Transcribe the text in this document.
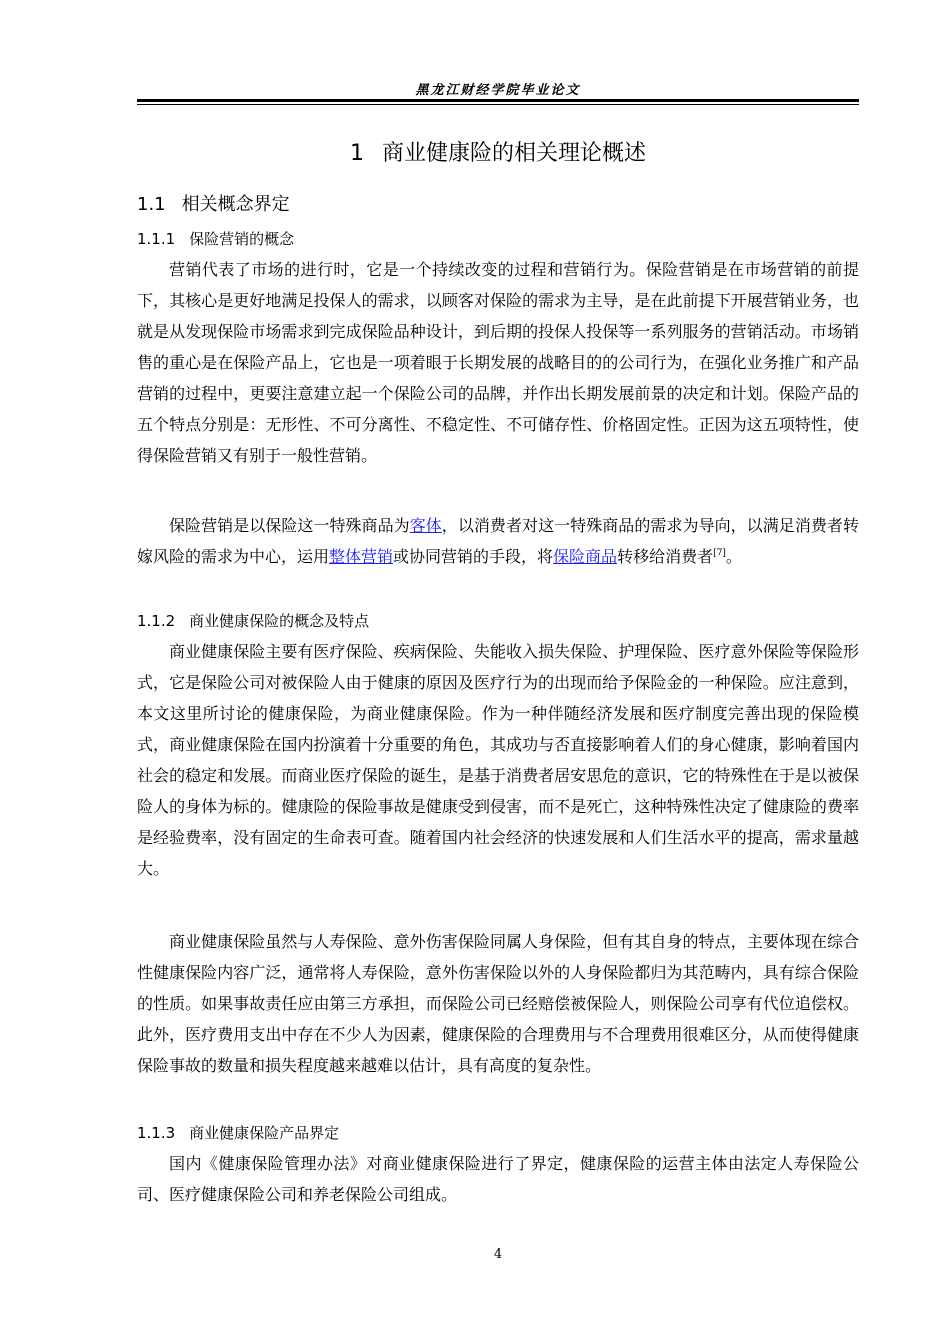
黑龙江财经学院毕业论文
1 商业健康险的相关理论概述
1.1 相关概念界定
1.1.1 保险营销的概念

营销代表了市场的进行时，它是一个持续改变的过程和营销行为。保险营销是在市场营销的前提下，其核心是更好地满足投保人的需求，以顾客对保险的需求为主导，是在此前提下开展营销业务，也就是从发现保险市场需求到完成保险品种设计，到后期的投保人投保等一系列服务的营销活动。市场销售的重心是在保险产品上，它也是一项着眼于长期发展的战略目的的公司行为，在强化业务推广和产品营销的过程中，更要注意建立起一个保险公司的品牌，并作出长期发展前景的决定和计划。保险产品的五个特点分别是：无形性、不可分离性、不稳定性、不可储存性、价格固定性。正因为这五项特性，使得保险营销又有别于一般性营销。

保险营销是以保险这一特殊商品为客体，以消费者对这一特殊商品的需求为导向，以满足消费者转嫁风险的需求为中心，运用整体营销或协同营销的手段，将保险商品转移给消费者[7]。

1.1.2 商业健康保险的概念及特点

商业健康保险主要有医疗保险、疾病保险、失能收入损失保险、护理保险、医疗意外保险等保险形式，它是保险公司对被保险人由于健康的原因及医疗行为的出现而给予保险金的一种保险。应注意到，本文这里所讨论的健康保险，为商业健康保险。作为一种伴随经济发展和医疗制度完善出现的保险模式，商业健康保险在国内扮演着十分重要的角色，其成功与否直接影响着人们的身心健康，影响着国内社会的稳定和发展。而商业医疗保险的诞生，是基于消费者居安思危的意识，它的特殊性在于是以被保险人的身体为标的。健康险的保险事故是健康受到侵害，而不是死亡，这种特殊性决定了健康险的费率是经验费率，没有固定的生命表可查。随着国内社会经济的快速发展和人们生活水平的提高，需求量越大。

商业健康保险虽然与人寿保险、意外伤害保险同属人身保险，但有其自身的特点，主要体现在综合性健康保险内容广泛，通常将人寿保险，意外伤害保险以外的人身保险都归为其范畴内，具有综合保险的性质。如果事故责任应由第三方承担，而保险公司已经赔偿被保险人，则保险公司享有代位追偿权。此外，医疗费用支出中存在不少人为因素，健康保险的合理费用与不合理费用很难区分，从而使得健康保险事故的数量和损失程度越来越难以估计，具有高度的复杂性。

1.1.3 商业健康保险产品界定

国内《健康保险管理办法》对商业健康保险进行了界定，健康保险的运营主体由法定人寿保险公司、医疗健康保险公司和养老保险公司组成。

4
